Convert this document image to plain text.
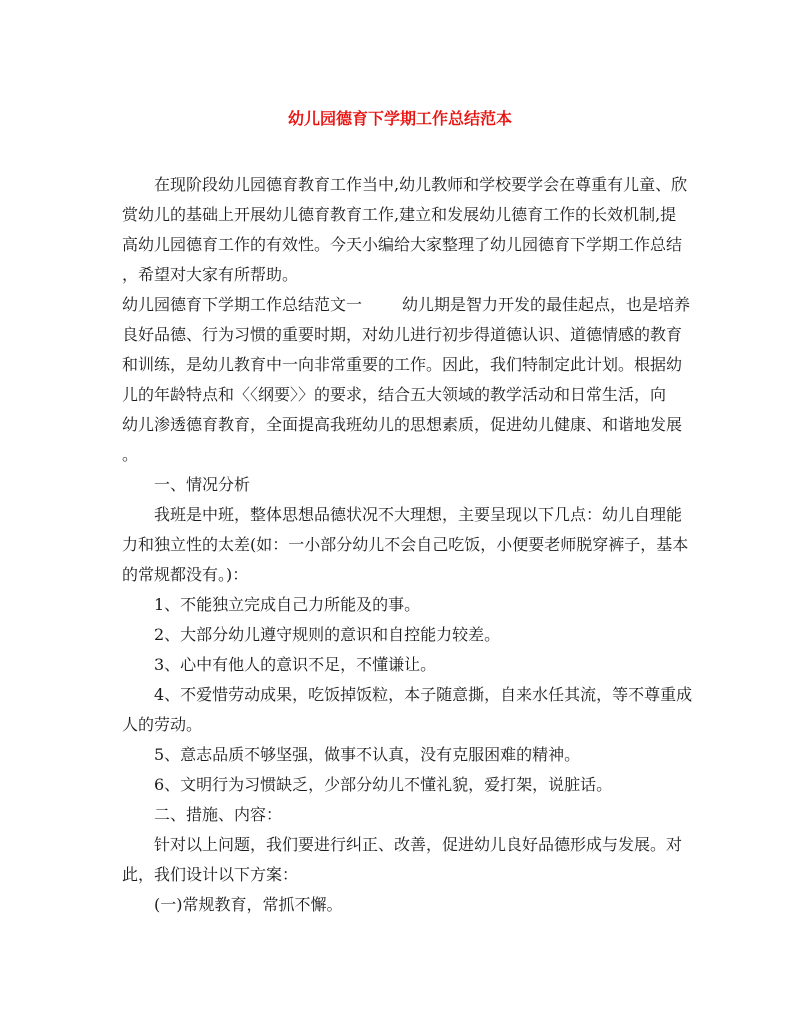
幼儿园德育下学期工作总结范本
在现阶段幼儿园德育教育工作当中,幼儿教师和学校要学会在尊重有儿童、欣
赏幼儿的基础上开展幼儿德育教育工作,建立和发展幼儿德育工作的长效机制,提
高幼儿园德育工作的有效性。今天小编给大家整理了幼儿园德育下学期工作总结
，希望对大家有所帮助。
幼儿园德育下学期工作总结范文一	幼儿期是智力开发的最佳起点，也是培养
良好品德、行为习惯的重要时期，对幼儿进行初步得道德认识、道德情感的教育
和训练，是幼儿教育中一向非常重要的工作。因此，我们特制定此计划。根据幼
儿的年龄特点和〈〈纲要〉〉的要求，结合五大领域的教学活动和日常生活，向
幼儿渗透德育教育，全面提高我班幼儿的思想素质，促进幼儿健康、和谐地发展
。
一、情况分析
我班是中班，整体思想品德状况不大理想，主要呈现以下几点：幼儿自理能
力和独立性的太差(如：一小部分幼儿不会自己吃饭，小便要老师脱穿裤子，基本
的常规都没有。)：
1、不能独立完成自己力所能及的事。
2、大部分幼儿遵守规则的意识和自控能力较差。
3、心中有他人的意识不足，不懂谦让。
4、不爱惜劳动成果，吃饭掉饭粒，本子随意撕，自来水任其流，等不尊重成
人的劳动。
5、意志品质不够坚强，做事不认真，没有克服困难的精神。
6、文明行为习惯缺乏，少部分幼儿不懂礼貌，爱打架，说脏话。
二、措施、内容：
针对以上问题，我们要进行纠正、改善，促进幼儿良好品德形成与发展。对
此，我们设计以下方案：
(一)常规教育，常抓不懈。
